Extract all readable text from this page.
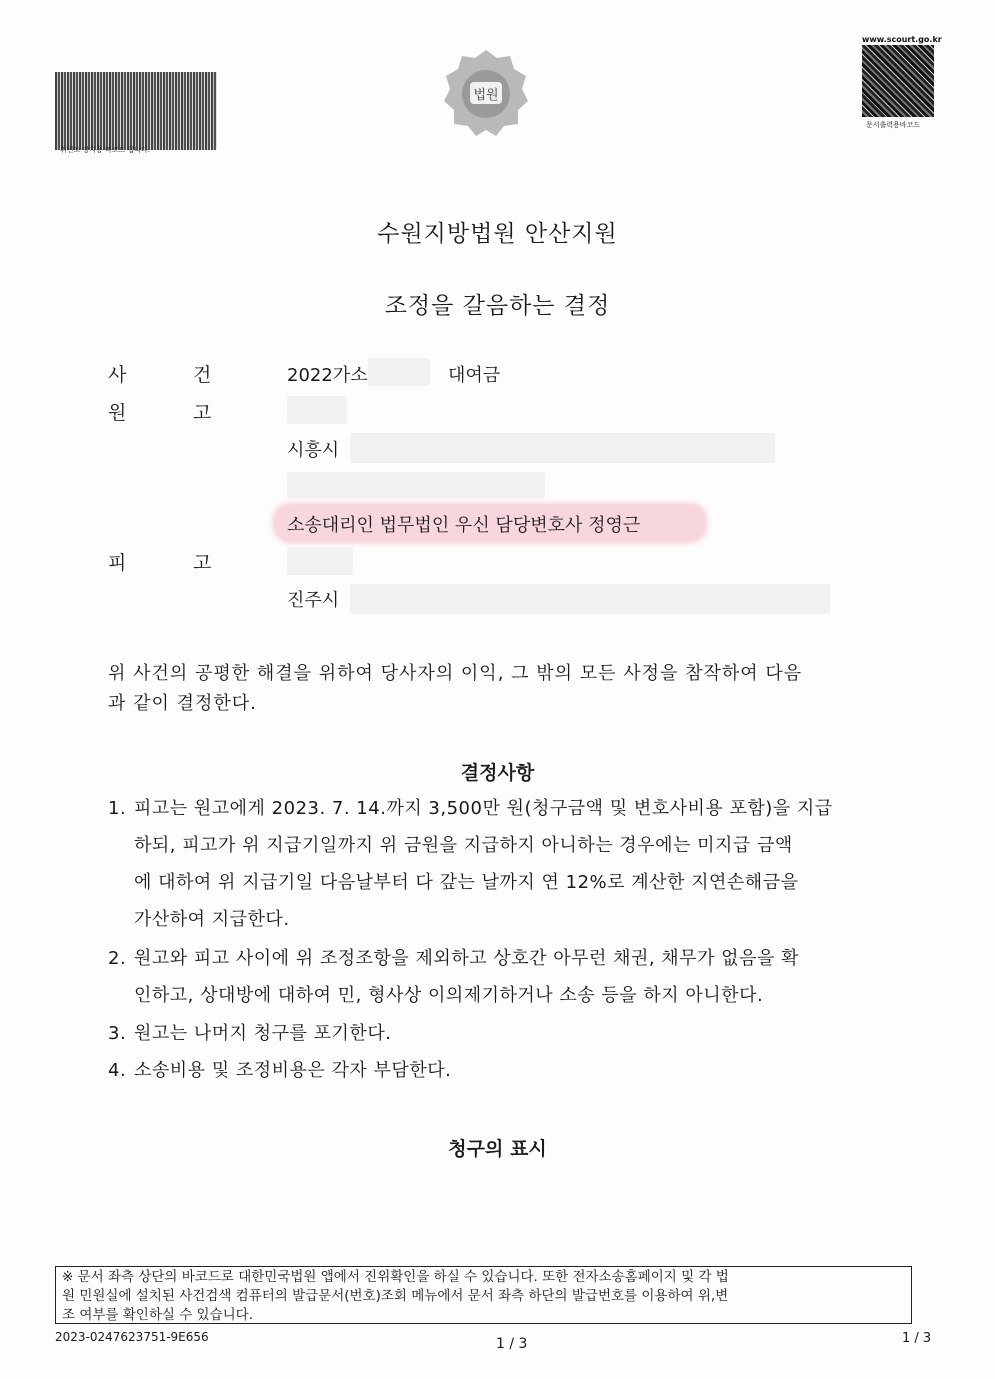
위변조 방지용 바코드 입니다.
www.scourt.go.kr
문서출력용바코드
법원
수원지방법원 안산지원
조정을 갈음하는 결정
사	건	2022가소	대여금
원	고
시흥시
소송대리인 법무법인 우신 담당변호사 정영근
피	고
진주시
위 사건의 공평한 해결을 위하여 당사자의 이익, 그 밖의 모든 사정을 참작하여 다음
과 같이 결정한다.
결정사항
1. 피고는 원고에게 2023. 7. 14.까지 3,500만 원(청구금액 및 변호사비용 포함)을 지급
하되, 피고가 위 지급기일까지 위 금원을 지급하지 아니하는 경우에는 미지급 금액
에 대하여 위 지급기일 다음날부터 다 갚는 날까지 연 12%로 계산한 지연손해금을
가산하여 지급한다.
2. 원고와 피고 사이에 위 조정조항을 제외하고 상호간 아무런 채권, 채무가 없음을 확
인하고, 상대방에 대하여 민, 형사상 이의제기하거나 소송 등을 하지 아니한다.
3. 원고는 나머지 청구를 포기한다.
4. 소송비용 및 조정비용은 각자 부담한다.
청구의 표시
※ 문서 좌측 상단의 바코드로 대한민국법원 앱에서 진위확인을 하실 수 있습니다. 또한 전자소송홈페이지 및 각 법
원 민원실에 설치된 사건검색 컴퓨터의 발급문서(번호)조회 메뉴에서 문서 좌측 하단의 발급번호를 이용하여 위,변
조 여부를 확인하실 수 있습니다.
2023-0247623751-9E656	1 / 3	1 / 3
